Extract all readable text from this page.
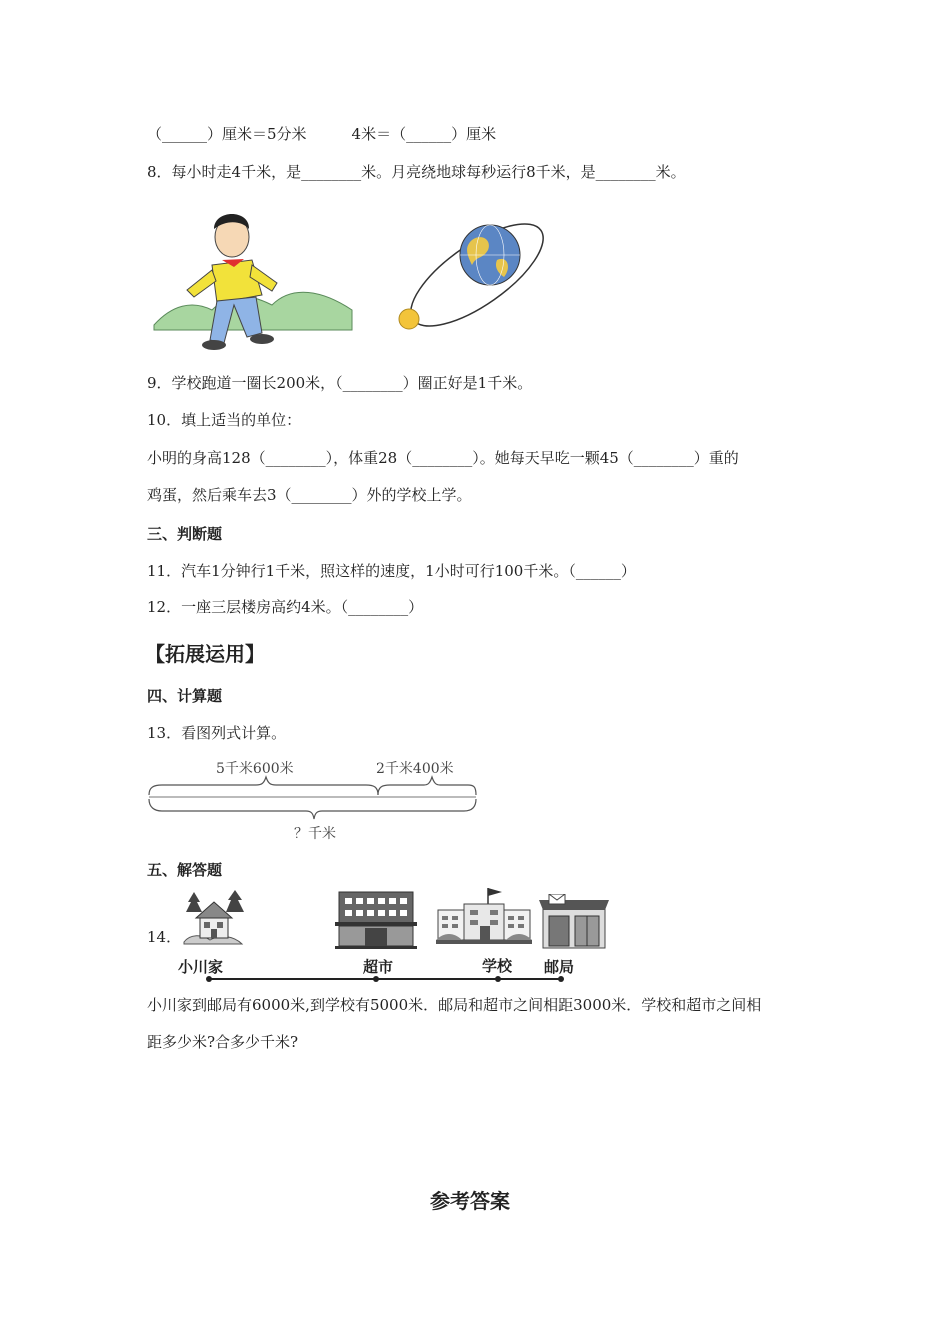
（______）厘米＝5分米　　　4米＝（______）厘米
8．每小时走4千米，是________米。月亮绕地球每秒运行8千米，是________米。
9．学校跑道一圈长200米，（________）圈正好是1千米。
10．填上适当的单位：
小明的身高128（________），体重28（________）。她每天早吃一颗45（________）重的
鸡蛋，然后乘车去3（________）外的学校上学。
三、判断题
11．汽车1分钟行1千米，照这样的速度，1小时可行100千米。（______）
12．一座三层楼房高约4米。（________）
【拓展运用】
四、计算题
13．看图列式计算。
5千米600米	2千米400米
？千米
五、解答题
14．
小川家	超市	学校 邮局
小川家到邮局有6000米,到学校有5000米．邮局和超市之间相距3000米．学校和超市之间相
距多少米?合多少千米?
参考答案
